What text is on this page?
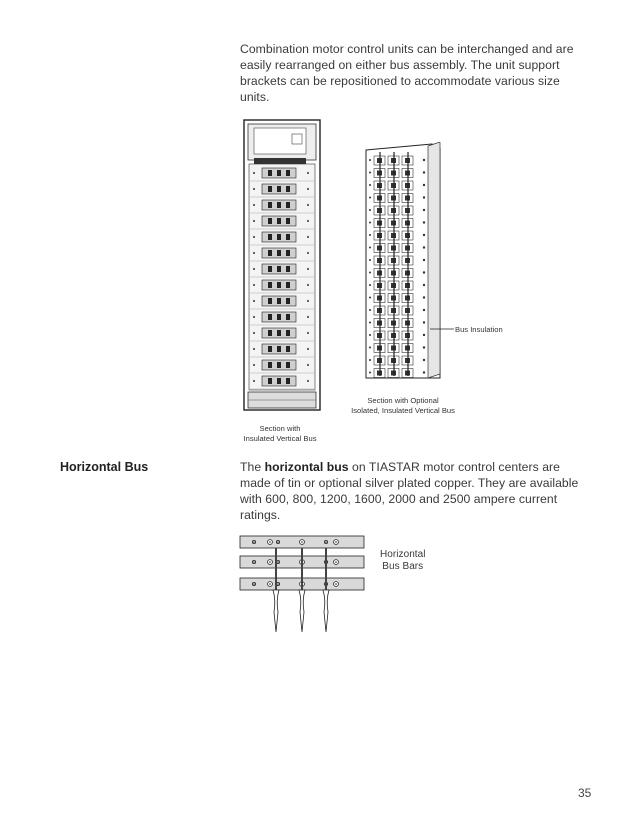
Combination motor control units can be interchanged and are easily rearranged on either bus assembly. The unit support brackets can be repositioned to accommodate various size units.
Section with
Insulated Vertical Bus
Bus Insulation
Section with Optional
Isolated, Insulated Vertical Bus
Horizontal Bus	The horizontal bus on TIASTAR motor control centers are made of tin or optional silver plated copper. They are available with 600, 800, 1200, 1600, 2000 and 2500 ampere current ratings.
Horizontal
Bus Bars
35
